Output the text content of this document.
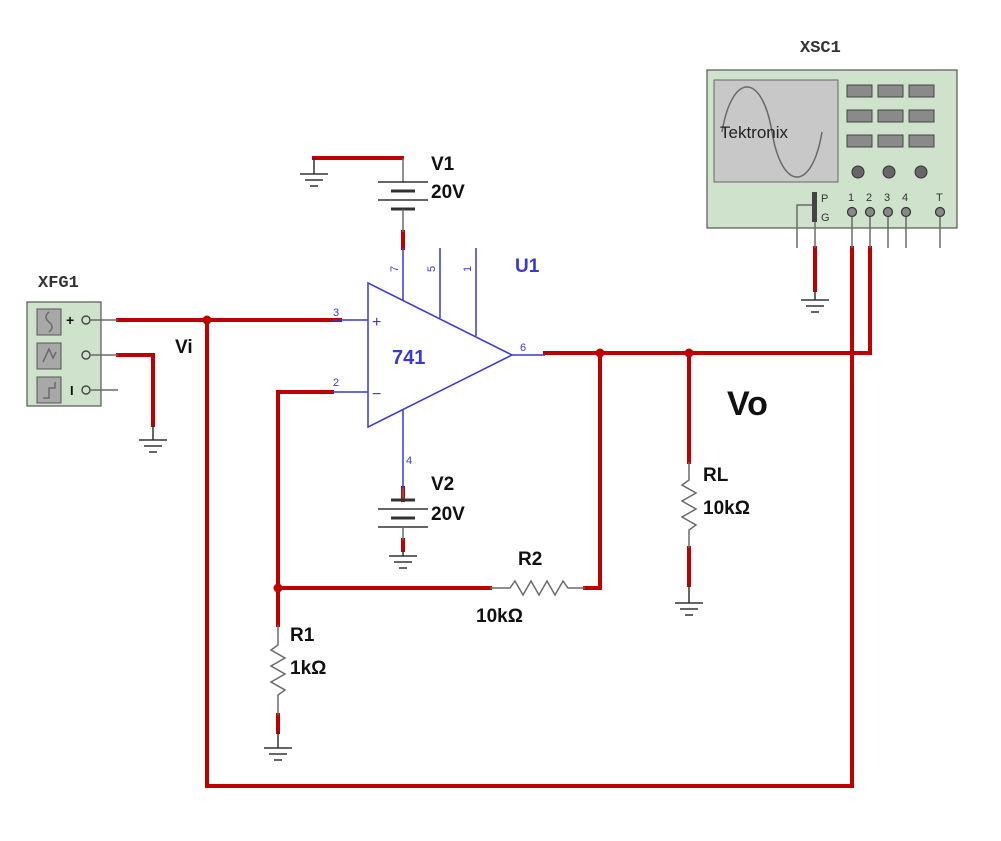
XFG1
+
I
XSC1
Tektronix
P
G
1 2 3 4	T
+
−
741
U1
3
2
6
4
7 5 1
V1
20V
V2
20V
R2
10kΩ
R1
1kΩ
RL
10kΩ
Vi
Vo
